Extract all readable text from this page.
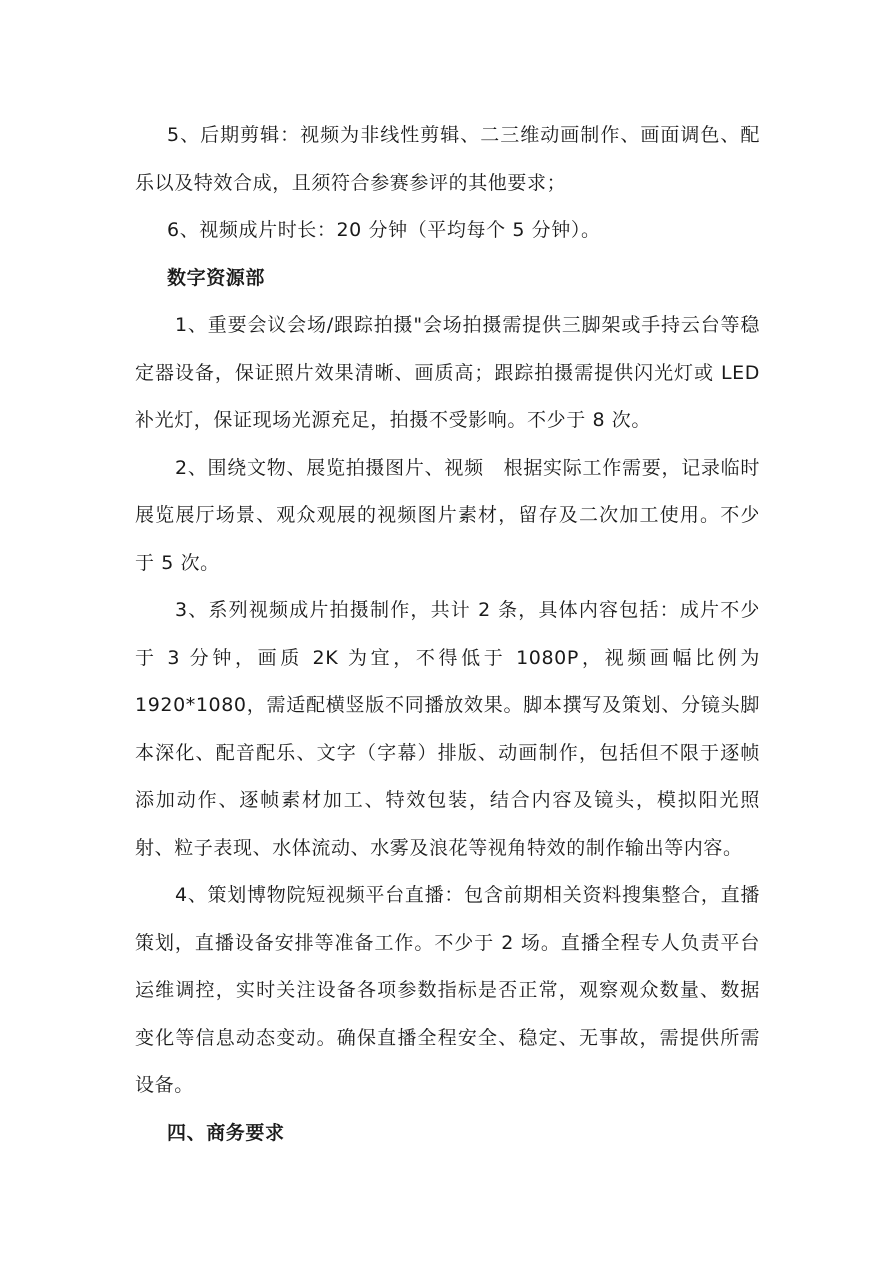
5、后期剪辑：视频为非线性剪辑、二三维动画制作、画面调色、配乐以及特效合成，且须符合参赛参评的其他要求；

6、视频成片时长：20 分钟（平均每个 5 分钟）。

数字资源部

1、重要会议会场/跟踪拍摄"会场拍摄需提供三脚架或手持云台等稳定器设备，保证照片效果清晰、画质高；跟踪拍摄需提供闪光灯或 LED 补光灯，保证现场光源充足，拍摄不受影响。不少于 8 次。

2、围绕文物、展览拍摄图片、视频　根据实际工作需要，记录临时展览展厅场景、观众观展的视频图片素材，留存及二次加工使用。不少于 5 次。

3、系列视频成片拍摄制作，共计 2 条，具体内容包括：成片不少于 3 分钟，画质 2K 为宜，不得低于 1080P，视频画幅比例为 1920*1080，需适配横竖版不同播放效果。脚本撰写及策划、分镜头脚本深化、配音配乐、文字（字幕）排版、动画制作，包括但不限于逐帧添加动作、逐帧素材加工、特效包装，结合内容及镜头，模拟阳光照射、粒子表现、水体流动、水雾及浪花等视角特效的制作输出等内容。

4、策划博物院短视频平台直播：包含前期相关资料搜集整合，直播策划，直播设备安排等准备工作。不少于 2 场。直播全程专人负责平台运维调控，实时关注设备各项参数指标是否正常，观察观众数量、数据变化等信息动态变动。确保直播全程安全、稳定、无事故，需提供所需设备。

四、商务要求
